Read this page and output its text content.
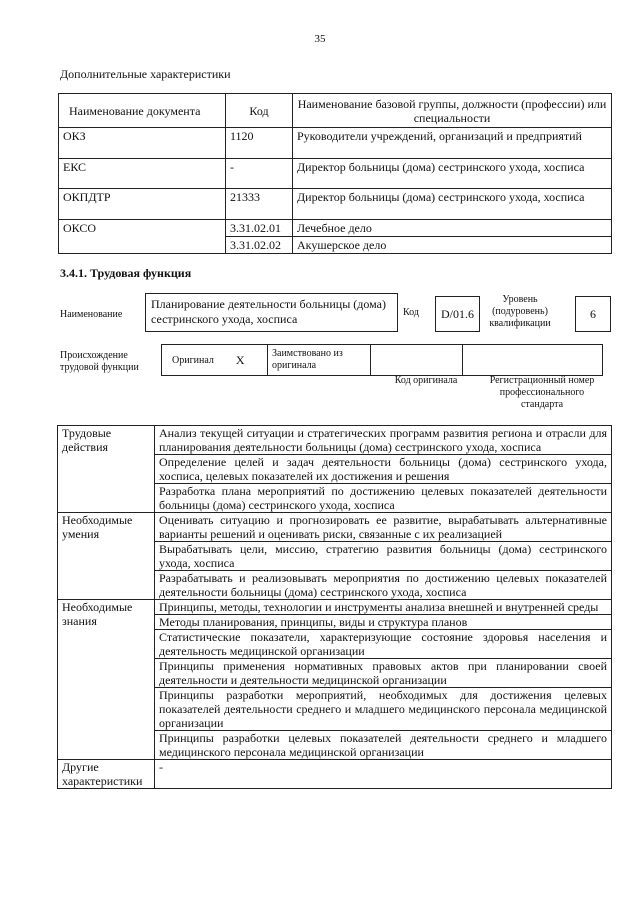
35
Дополнительные характеристики
Наименование документа	Код	Наименование базовой группы, должности (профессии) или специальности
ОКЗ	1120	Руководители учреждений, организаций и предприятий
ЕКС	-	Директор больницы (дома) сестринского ухода, хосписа
ОКПДТР	21333	Директор больницы (дома) сестринского ухода, хосписа
ОКСО	3.31.02.01	Лечебное дело
	3.31.02.02	Акушерское дело
3.4.1. Трудовая функция
Наименование
Планирование деятельности больницы (дома) сестринского ухода, хосписа	Код	D/01.6
Уровень (подуровень) квалификации
6
Происхождение трудовой функции
Оригинал X	Заимствовано из оригинала
Код оригинала	Регистрационный номер профессионального стандарта
Трудовые действия	Анализ текущей ситуации и стратегических программ развития региона и отрасли для планирования деятельности больницы (дома) сестринского ухода, хосписа
	Определение целей и задач деятельности больницы (дома) сестринского ухода, хосписа, целевых показателей их достижения и решения
	Разработка плана мероприятий по достижению целевых показателей деятельности больницы (дома) сестринского ухода, хосписа
Необходимые умения	Оценивать ситуацию и прогнозировать ее развитие, вырабатывать альтернативные варианты решений и оценивать риски, связанные с их реализацией
	Вырабатывать цели, миссию, стратегию развития больницы (дома) сестринского ухода, хосписа
	Разрабатывать и реализовывать мероприятия по достижению целевых показателей деятельности больницы (дома) сестринского ухода, хосписа
Необходимые знания	Принципы, методы, технологии и инструменты анализа внешней и внутренней среды
	Методы планирования, принципы, виды и структура планов
	Статистические показатели, характеризующие состояние здоровья населения и деятельность медицинской организации
	Принципы применения нормативных правовых актов при планировании своей деятельности и деятельности медицинской организации
	Принципы разработки мероприятий, необходимых для достижения целевых показателей деятельности среднего и младшего медицинского персонала медицинской организации
	Принципы разработки целевых показателей деятельности среднего и младшего медицинского персонала медицинской организации
Другие характеристики	-
